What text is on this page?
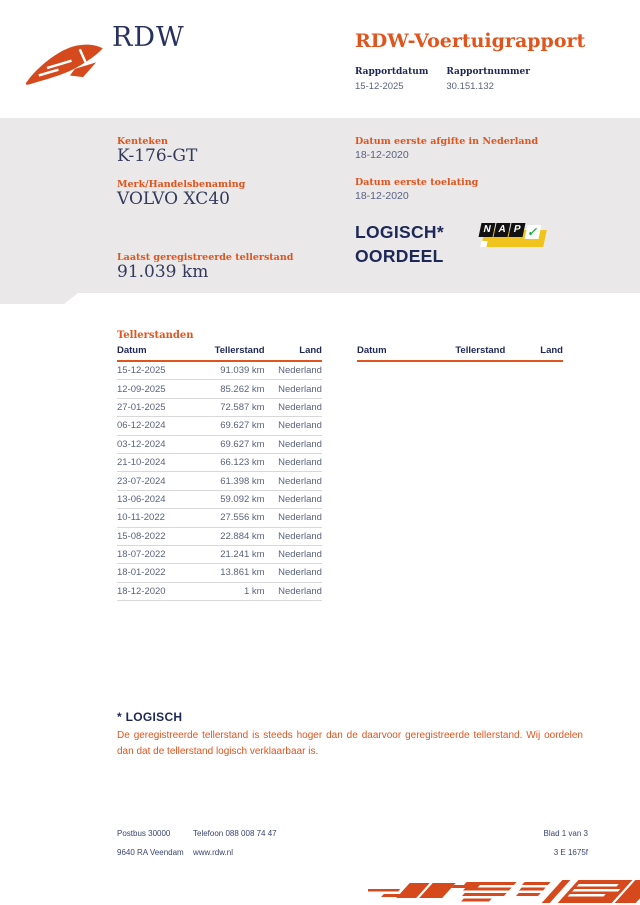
RDW	RDW-Voertuigrapport
Rapportdatum
15-12-2025
Rapportnummer
30.151.132
Kenteken
K-176-GT
Merk/Handelsbenaming
VOLVO XC40
Laatst geregistreerde tellerstand
91.039 km
Datum eerste afgifte in Nederland
18-12-2020
Datum eerste toelating
18-12-2020
LOGISCH*
OORDEEL
N A P ✓
Tellerstanden
Datum	Tellerstand	Land
15-12-2025	91.039 km	Nederland
12-09-2025	85.262 km	Nederland
27-01-2025	72.587 km	Nederland
06-12-2024	69.627 km	Nederland
03-12-2024	69.627 km	Nederland
21-10-2024	66.123 km	Nederland
23-07-2024	61.398 km	Nederland
13-06-2024	59.092 km	Nederland
10-11-2022	27.556 km	Nederland
15-08-2022	22.884 km	Nederland
18-07-2022	21.241 km	Nederland
18-01-2022	13.861 km	Nederland
18-12-2020	1 km	Nederland
Datum	Tellerstand	Land
* LOGISCH
De geregistreerde tellerstand is steeds hoger dan de daarvoor geregistreerde tellerstand. Wij oordelen dan dat de tellerstand logisch verklaarbaar is.
Postbus 30000
9640 RA Veendam
Telefoon 088 008 74 47
www.rdw.nl
Blad 1 van 3
3 E 1675f
